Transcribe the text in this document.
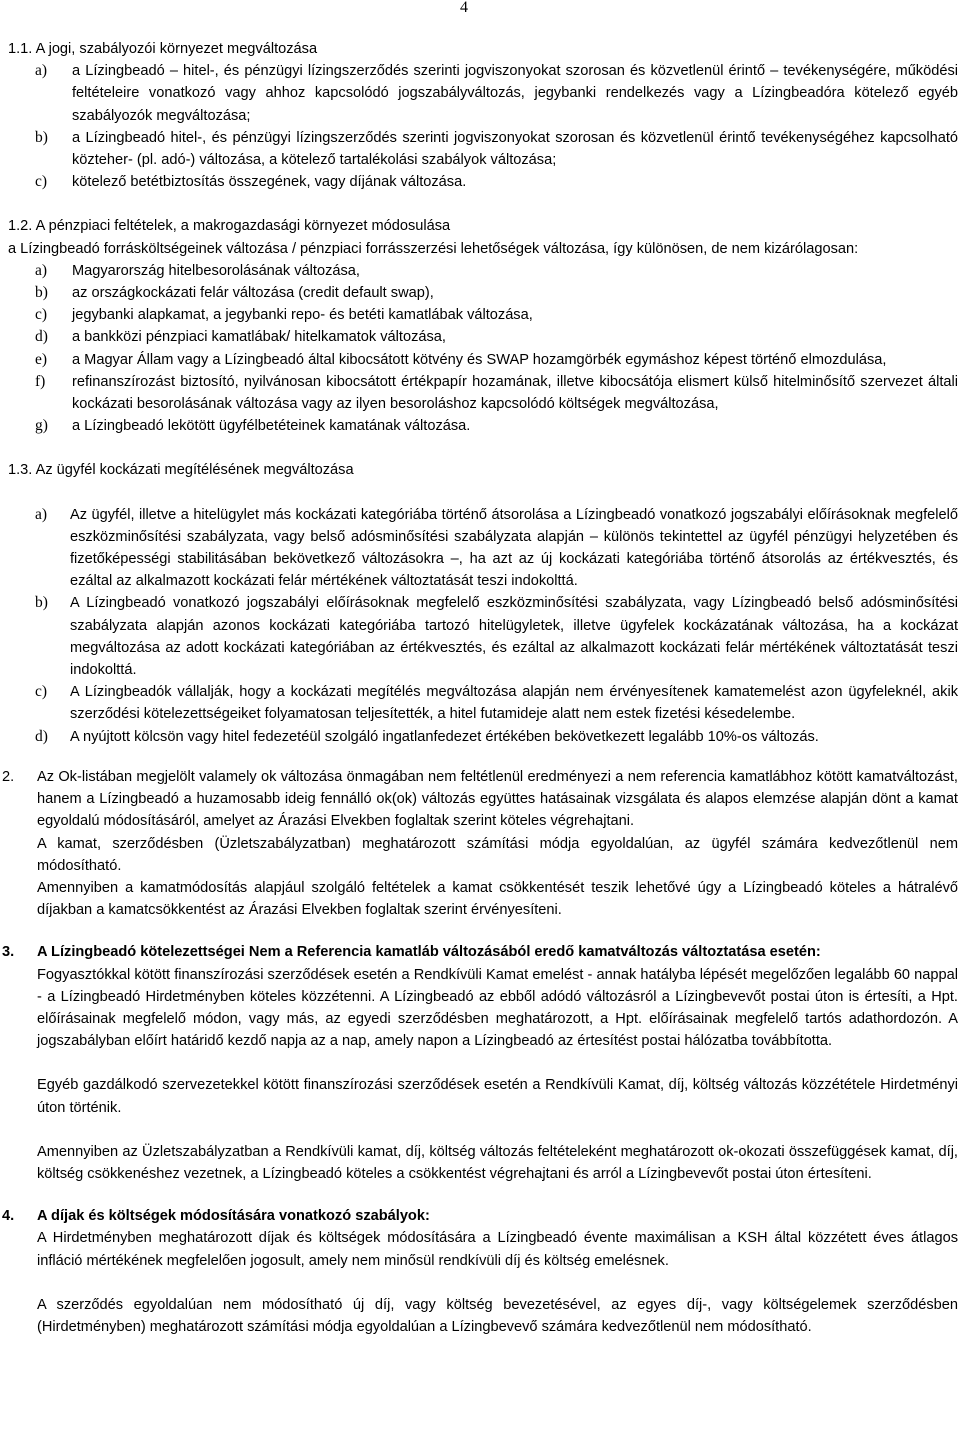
4
1.1. A jogi, szabályozói környezet megváltozása
a)	a Lízingbeadó – hitel-, és pénzügyi lízingszerződés szerinti jogviszonyokat szorosan és közvetlenül érintő – tevékenységére, működési feltételeire vonatkozó vagy ahhoz kapcsolódó jogszabályváltozás, jegybanki rendelkezés vagy a Lízingbeadóra kötelező egyéb szabályozók megváltozása;
b)	a Lízingbeadó hitel-, és pénzügyi lízingszerződés szerinti jogviszonyokat szorosan és közvetlenül érintő tevékenységéhez kapcsolható közteher- (pl. adó-) változása, a kötelező tartalékolási szabályok változása;
c)	kötelező betétbiztosítás összegének, vagy díjának változása.
1.2. A pénzpiaci feltételek, a makrogazdasági környezet módosulása
a Lízingbeadó forrásköltségeinek változása / pénzpiaci forrásszerzési lehetőségek változása, így különösen, de nem kizárólagosan:
a)	Magyarország hitelbesorolásának változása,
b)	az országkockázati felár változása (credit default swap),
c)	jegybanki alapkamat, a jegybanki repo- és betéti kamatlábak változása,
d)	a bankközi pénzpiaci kamatlábak/ hitelkamatok változása,
e)	a Magyar Állam vagy a Lízingbeadó által kibocsátott kötvény és SWAP hozamgörbék egymáshoz képest történő elmozdulása,
f)	refinanszírozást biztosító, nyilvánosan kibocsátott értékpapír hozamának, illetve kibocsátója elismert külső hitelminősítő szervezet általi kockázati besorolásának változása vagy az ilyen besoroláshoz kapcsolódó költségek megváltozása,
g)	a Lízingbeadó lekötött ügyfélbetéteinek kamatának változása.
1.3. Az ügyfél kockázati megítélésének megváltozása
a)	Az ügyfél, illetve a hitelügylet más kockázati kategóriába történő átsorolása a Lízingbeadó vonatkozó jogszabályi előírásoknak megfelelő eszközminősítési szabályzata, vagy belső adósminősítési szabályzata alapján – különös tekintettel az ügyfél pénzügyi helyzetében és fizetőképességi stabilitásában bekövetkező változásokra –, ha azt az új kockázati kategóriába történő átsorolás az értékvesztés, és ezáltal az alkalmazott kockázati felár mértékének változtatását teszi indokolttá.
b)	A Lízingbeadó vonatkozó jogszabályi előírásoknak megfelelő eszközminősítési szabályzata, vagy Lízingbeadó belső adósminősítési szabályzata alapján azonos kockázati kategóriába tartozó hitelügyletek, illetve ügyfelek kockázatának változása, ha a kockázat megváltozása az adott kockázati kategóriában az értékvesztés, és ezáltal az alkalmazott kockázati felár mértékének változtatását teszi indokolttá.
c)	A Lízingbeadók vállalják, hogy a kockázati megítélés megváltozása alapján nem érvényesítenek kamatemelést azon ügyfeleknél, akik szerződési kötelezettségeiket folyamatosan teljesítették, a hitel futamideje alatt nem estek fizetési késedelembe.
d)	A nyújtott kölcsön vagy hitel fedezetéül szolgáló ingatlanfedezet értékében bekövetkezett legalább 10%-os változás.
2.	Az Ok-listában megjelölt valamely ok változása önmagában nem feltétlenül eredményezi a nem referencia kamatlábhoz kötött kamatváltozást, hanem a Lízingbeadó a huzamosabb ideig fennálló ok(ok) változás együttes hatásainak vizsgálata és alapos elemzése alapján dönt a kamat egyoldalú módosításáról, amelyet az Árazási Elvekben foglaltak szerint köteles végrehajtani.
A kamat, szerződésben (Üzletszabályzatban) meghatározott számítási módja egyoldalúan, az ügyfél számára kedvezőtlenül nem módosítható.
Amennyiben a kamatmódosítás alapjául szolgáló feltételek a kamat csökkentését teszik lehetővé úgy a Lízingbeadó köteles a hátralévő díjakban a kamatcsökkentést az Árazási Elvekben foglaltak szerint érvényesíteni.
3.	A Lízingbeadó kötelezettségei Nem a Referencia kamatláb változásából eredő kamatváltozás változtatása esetén:
Fogyasztókkal kötött finanszírozási szerződések esetén a Rendkívüli Kamat emelést - annak hatályba lépését megelőzően legalább 60 nappal - a Lízingbeadó Hirdetményben köteles közzétenni. A Lízingbeadó az ebből adódó változásról a Lízingbevevőt postai úton is értesíti, a Hpt. előírásainak megfelelő módon, vagy más, az egyedi szerződésben meghatározott, a Hpt. előírásainak megfelelő tartós adathordozón. A jogszabályban előírt határidő kezdő napja az a nap, amely napon a Lízingbeadó az értesítést postai hálózatba továbbította.
Egyéb gazdálkodó szervezetekkel kötött finanszírozási szerződések esetén a Rendkívüli Kamat, díj, költség változás közzététele Hirdetményi úton történik.
Amennyiben az Üzletszabályzatban a Rendkívüli kamat, díj, költség változás feltételeként meghatározott ok-okozati összefüggések kamat, díj, költség csökkenéshez vezetnek, a Lízingbeadó köteles a csökkentést végrehajtani és arról a Lízingbevevőt postai úton értesíteni.
4.	A díjak és költségek módosítására vonatkozó szabályok:
A Hirdetményben meghatározott díjak és költségek módosítására a Lízingbeadó évente maximálisan a KSH által közzétett éves átlagos infláció mértékének megfelelően jogosult, amely nem minősül rendkívüli díj és költség emelésnek.
A szerződés egyoldalúan nem módosítható új díj, vagy költség bevezetésével, az egyes díj-, vagy költségelemek szerződésben (Hirdetményben) meghatározott számítási módja egyoldalúan a Lízingbevevő számára kedvezőtlenül nem módosítható.
